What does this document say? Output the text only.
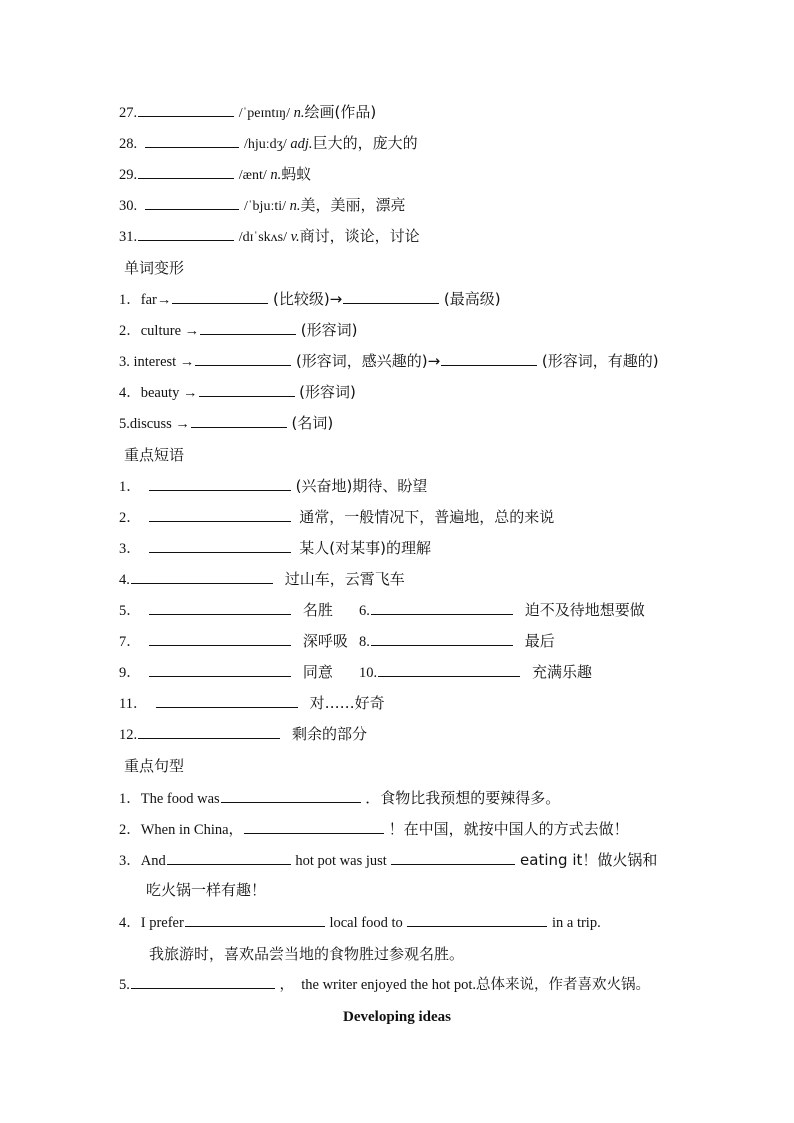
27.	/ˈpeɪntɪŋ/ n.绘画(作品)
28.	/hjuːdʒ/ adj.巨大的，庞大的
29.	/ænt/ n.蚂蚁
30.	/ˈbjuːti/ n.美，美丽，漂亮
31.	/dɪˈskʌs/ v.商讨，谈论，讨论
单词变形
1．far→	(比较级)→	(最高级)
2．culture →	(形容词)
3. interest →	(形容词，感兴趣的)→	(形容词，有趣的)
4．beauty →	(形容词)
5.discuss →	(名词)
重点短语
1．	(兴奋地)期待、盼望
2．	通常，一般情况下，普遍地，总的来说
3．	某人(对某事)的理解
4.	过山车，云霄飞车
5．	名胜 6.	迫不及待地想要做
7．	深呼吸 8.	最后
9．	同意 10.	充满乐趣
11．	对……好奇
12.	剩余的部分
重点句型
1．The food was	．食物比我预想的要辣得多。
2．When in China，	！在中国，就按中国人的方式去做！
3．And	hot pot was just	eating it！做火锅和
吃火锅一样有趣！
4．I prefer	local food to	in a trip.
我旅游时，喜欢品尝当地的食物胜过参观名胜。
5.	，　the writer enjoyed the hot pot.总体来说，作者喜欢火锅。
Developing ideas
